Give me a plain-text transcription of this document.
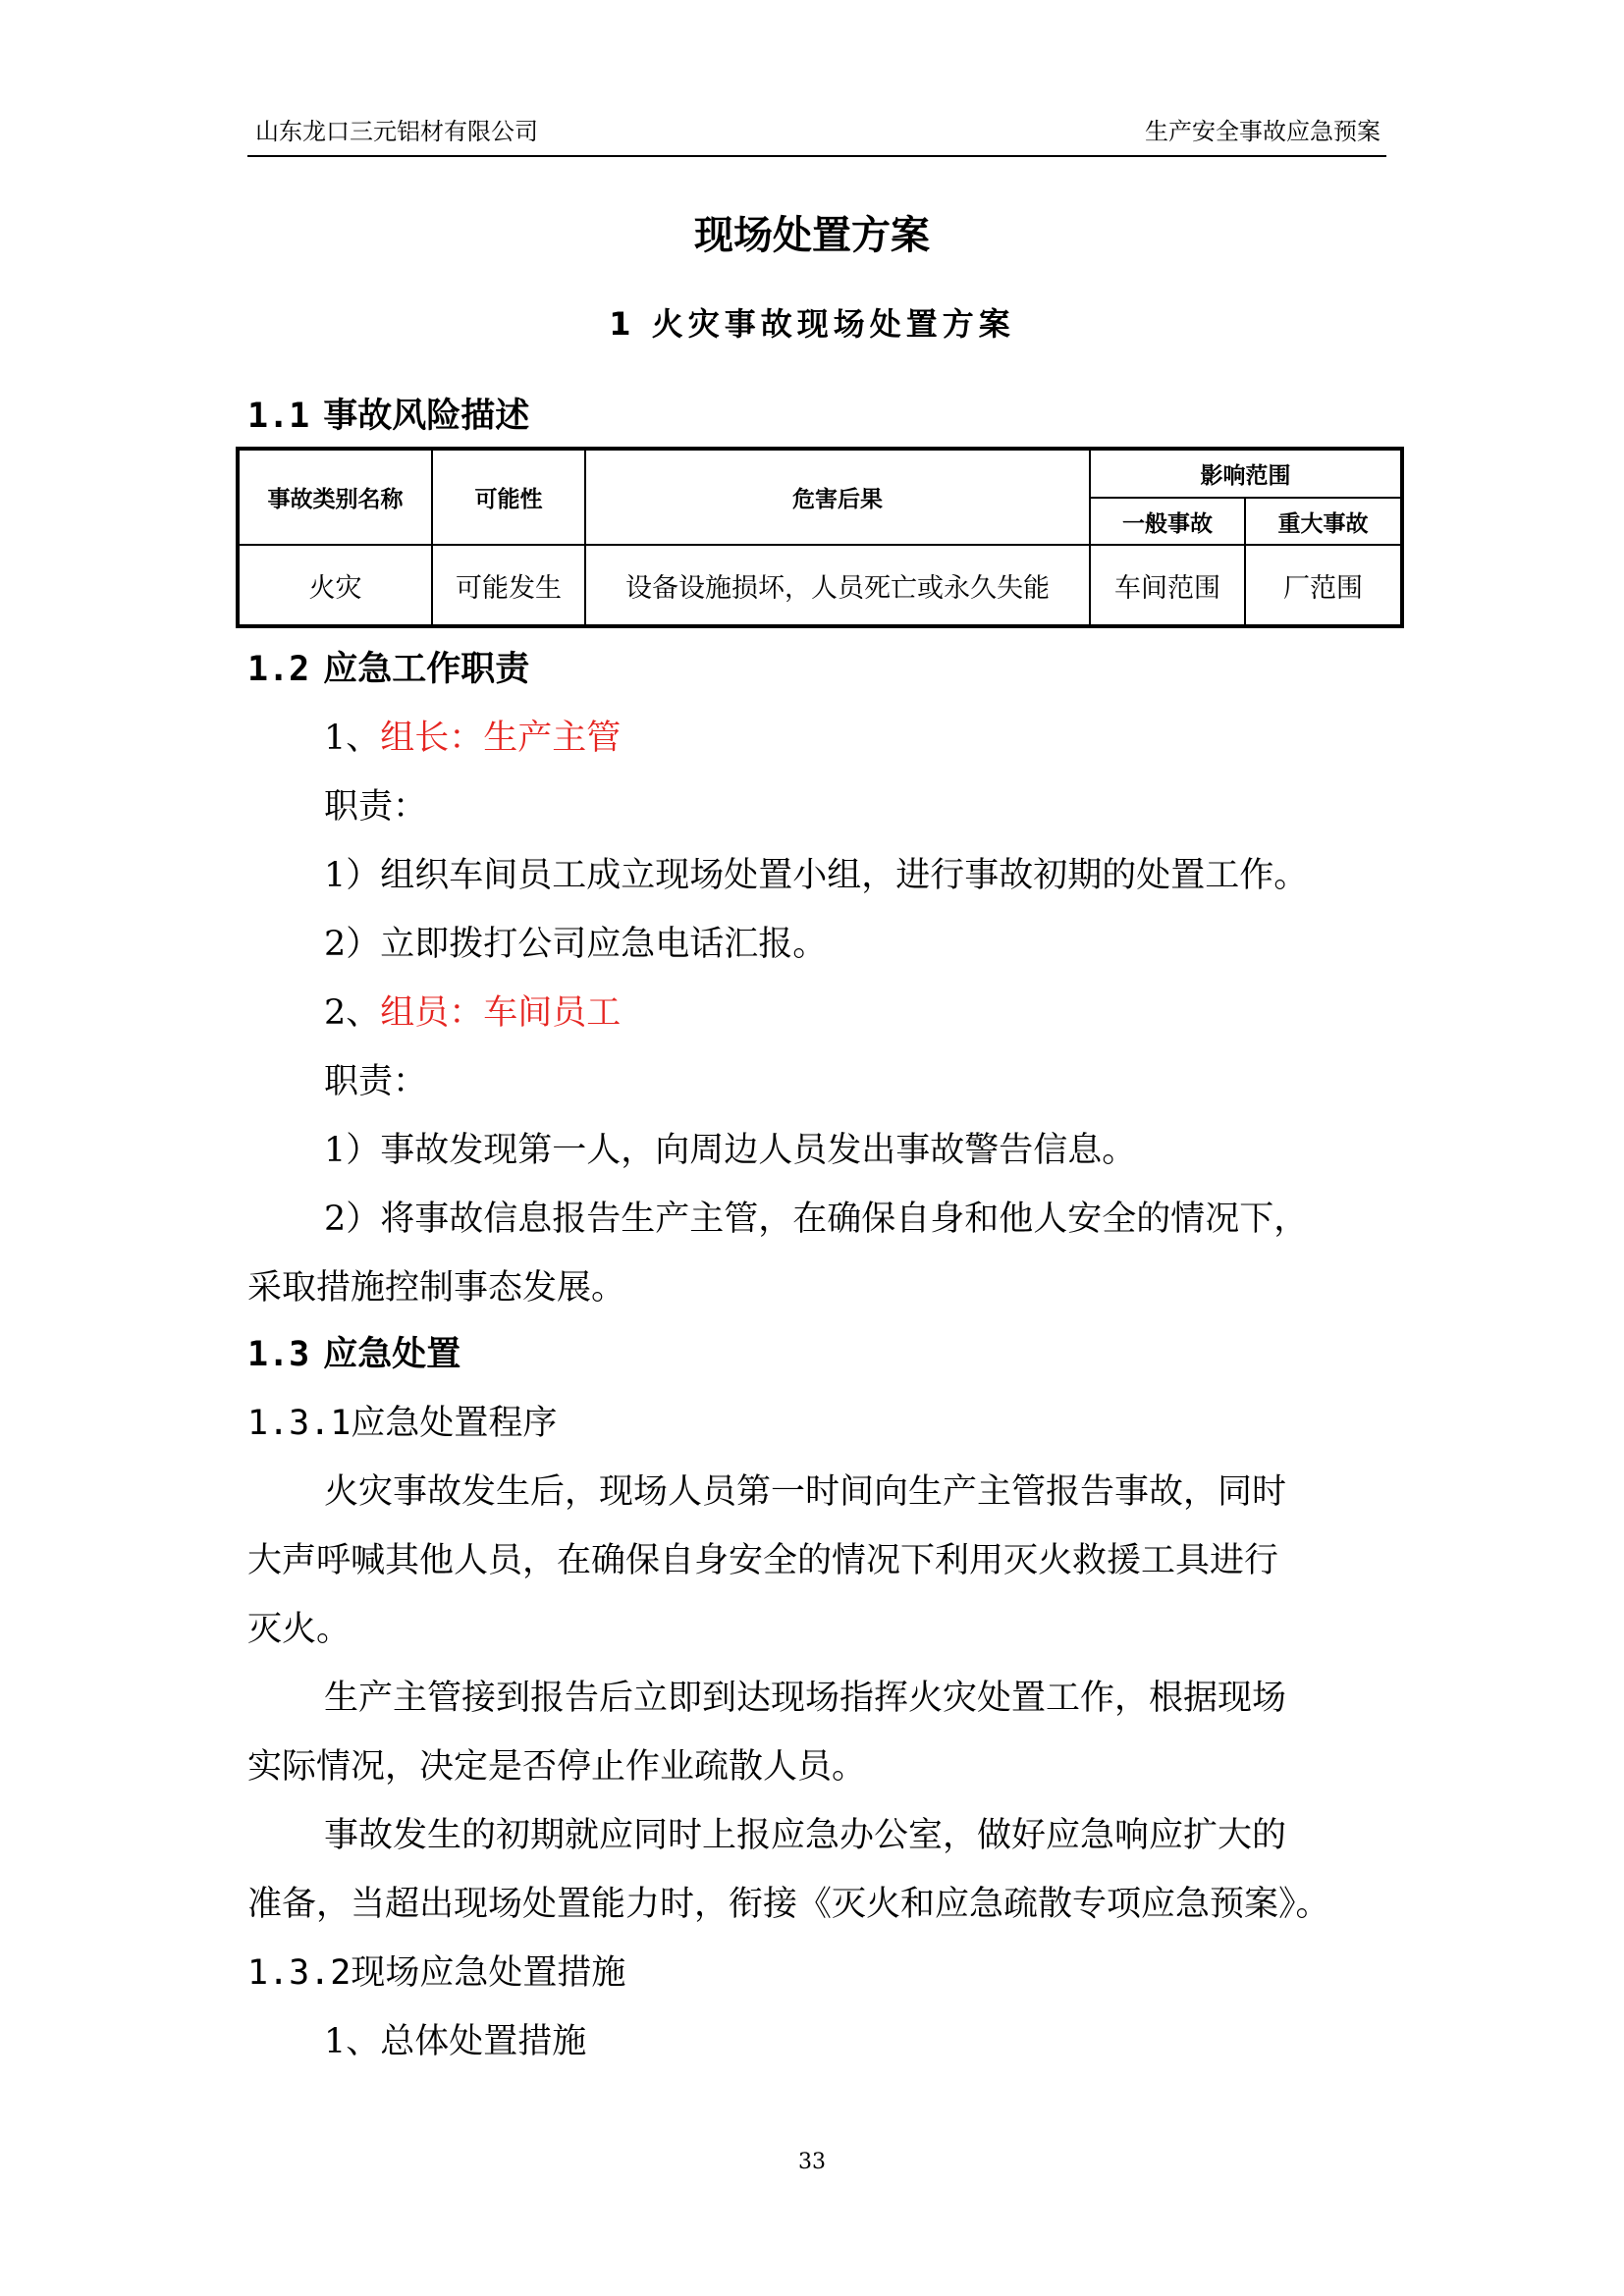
山东龙口三元铝材有限公司	生产安全事故应急预案
现场处置方案
1 火灾事故现场处置方案
1.1 事故风险描述
事故类别名称	可能性	危害后果	影响范围	
			一般事故	重大事故
火灾	可能发生	设备设施损坏，人员死亡或永久失能	车间范围	厂范围
1.2 应急工作职责
1、组长：生产主管
职责：
1）组织车间员工成立现场处置小组，进行事故初期的处置工作。
2）立即拨打公司应急电话汇报。
2、组员：车间员工
职责：
1）事故发现第一人，向周边人员发出事故警告信息。
2）将事故信息报告生产主管，在确保自身和他人安全的情况下，
采取措施控制事态发展。
1.3 应急处置
1.3.1应急处置程序
火灾事故发生后，现场人员第一时间向生产主管报告事故，同时
大声呼喊其他人员，在确保自身安全的情况下利用灭火救援工具进行
灭火。
生产主管接到报告后立即到达现场指挥火灾处置工作，根据现场
实际情况，决定是否停止作业疏散人员。
事故发生的初期就应同时上报应急办公室，做好应急响应扩大的
准备，当超出现场处置能力时，衔接《灭火和应急疏散专项应急预案》。
1.3.2现场应急处置措施
1、总体处置措施
33
